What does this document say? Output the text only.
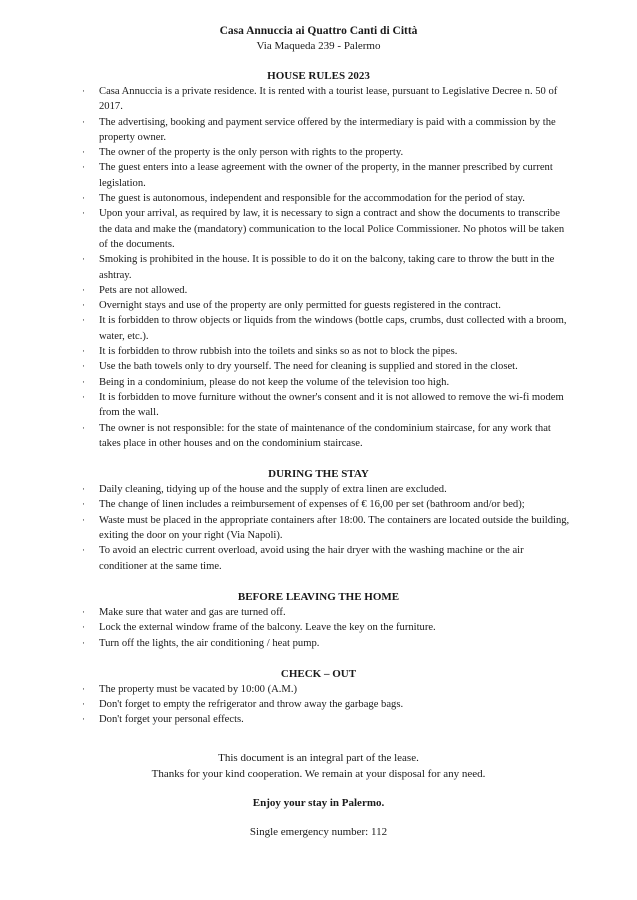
Casa Annuccia ai Quattro Canti di Città
Via Maqueda 239 - Palermo
HOUSE RULES 2023
· Casa Annuccia is a private residence. It is rented with a tourist lease, pursuant to Legislative Decree n. 50 of 2017.
· The advertising, booking and payment service offered by the intermediary is paid with a commission by the property owner.
· The owner of the property is the only person with rights to the property.
· The guest enters into a lease agreement with the owner of the property, in the manner prescribed by current legislation.
· The guest is autonomous, independent and responsible for the accommodation for the period of stay.
· Upon your arrival, as required by law, it is necessary to sign a contract and show the documents to transcribe the data and make the (mandatory) communication to the local Police Commissioner. No photos will be taken of the documents.
· Smoking is prohibited in the house. It is possible to do it on the balcony, taking care to throw the butt in the ashtray.
· Pets are not allowed.
· Overnight stays and use of the property are only permitted for guests registered in the contract.
· It is forbidden to throw objects or liquids from the windows (bottle caps, crumbs, dust collected with a broom, water, etc.).
· It is forbidden to throw rubbish into the toilets and sinks so as not to block the pipes.
· Use the bath towels only to dry yourself. The need for cleaning is supplied and stored in the closet.
· Being in a condominium, please do not keep the volume of the television too high.
· It is forbidden to move furniture without the owner's consent and it is not allowed to remove the wi-fi modem from the wall.
· The owner is not responsible: for the state of maintenance of the condominium staircase, for any work that takes place in other houses and on the condominium staircase.
DURING THE STAY
· Daily cleaning, tidying up of the house and the supply of extra linen are excluded.
· The change of linen includes a reimbursement of expenses of € 16,00 per set (bathroom and/or bed);
· Waste must be placed in the appropriate containers after 18:00. The containers are located outside the building, exiting the door on your right (Via Napoli).
· To avoid an electric current overload, avoid using the hair dryer with the washing machine or the air conditioner at the same time.
BEFORE LEAVING THE HOME
· Make sure that water and gas are turned off.
· Lock the external window frame of the balcony. Leave the key on the furniture.
· Turn off the lights, the air conditioning / heat pump.
CHECK – OUT
· The property must be vacated by 10:00 (A.M.)
· Don't forget to empty the refrigerator and throw away the garbage bags.
· Don't forget your personal effects.
This document is an integral part of the lease.
Thanks for your kind cooperation. We remain at your disposal for any need.
Enjoy your stay in Palermo.
Single emergency number: 112
